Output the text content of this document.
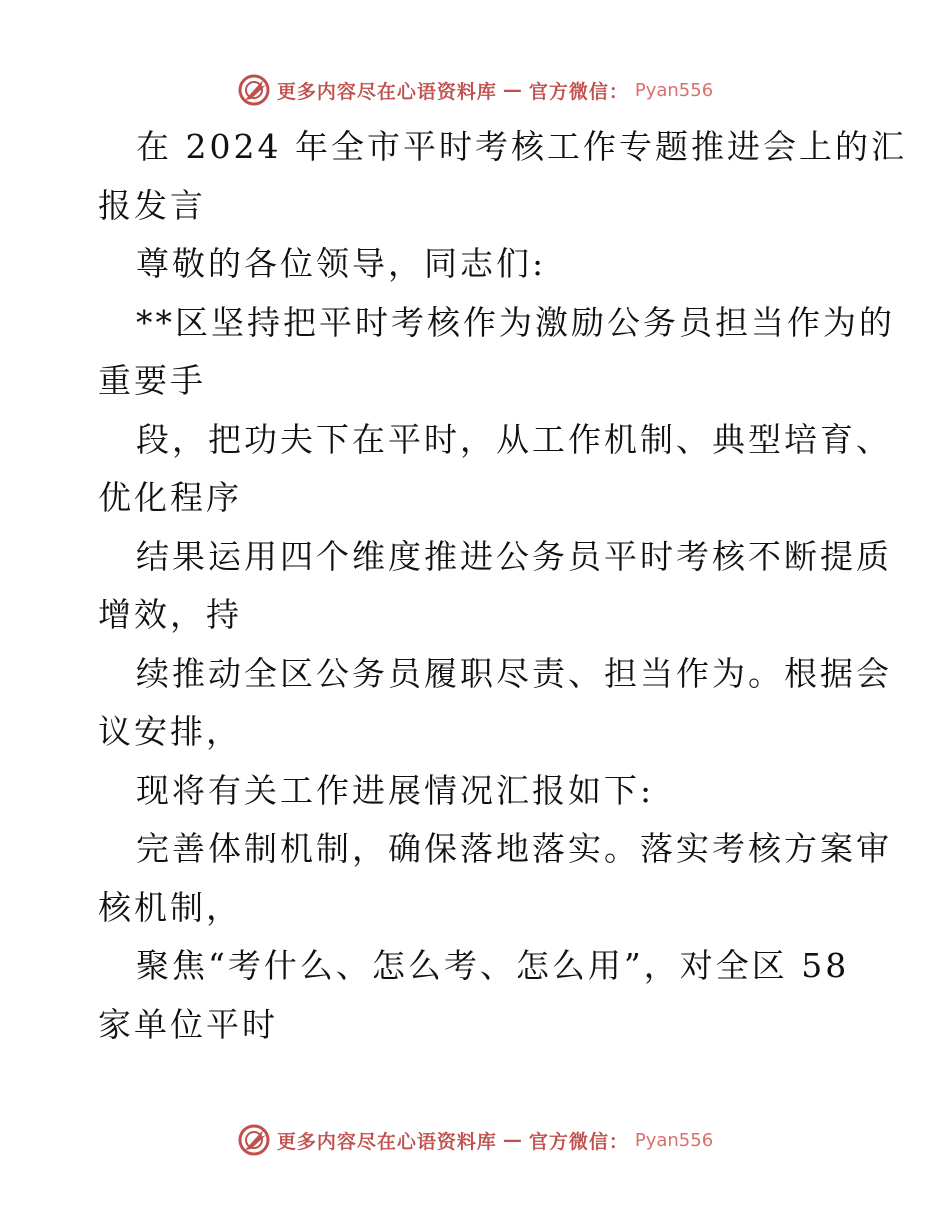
更多内容尽在心语资料库 — 官方微信： Pyan556
在 2024 年全市平时考核工作专题推进会上的汇
报发言
尊敬的各位领导，同志们:
**区坚持把平时考核作为激励公务员担当作为的
重要手
段，把功夫下在平时，从工作机制、典型培育、
优化程序
结果运用四个维度推进公务员平时考核不断提质
增效，持
续推动全区公务员履职尽责、担当作为。根据会
议安排，
现将有关工作进展情况汇报如下:
完善体制机制，确保落地落实。落实考核方案审
核机制，
聚焦“考什么、怎么考、怎么用”，对全区 58
家单位平时
更多内容尽在心语资料库 — 官方微信： Pyan556
